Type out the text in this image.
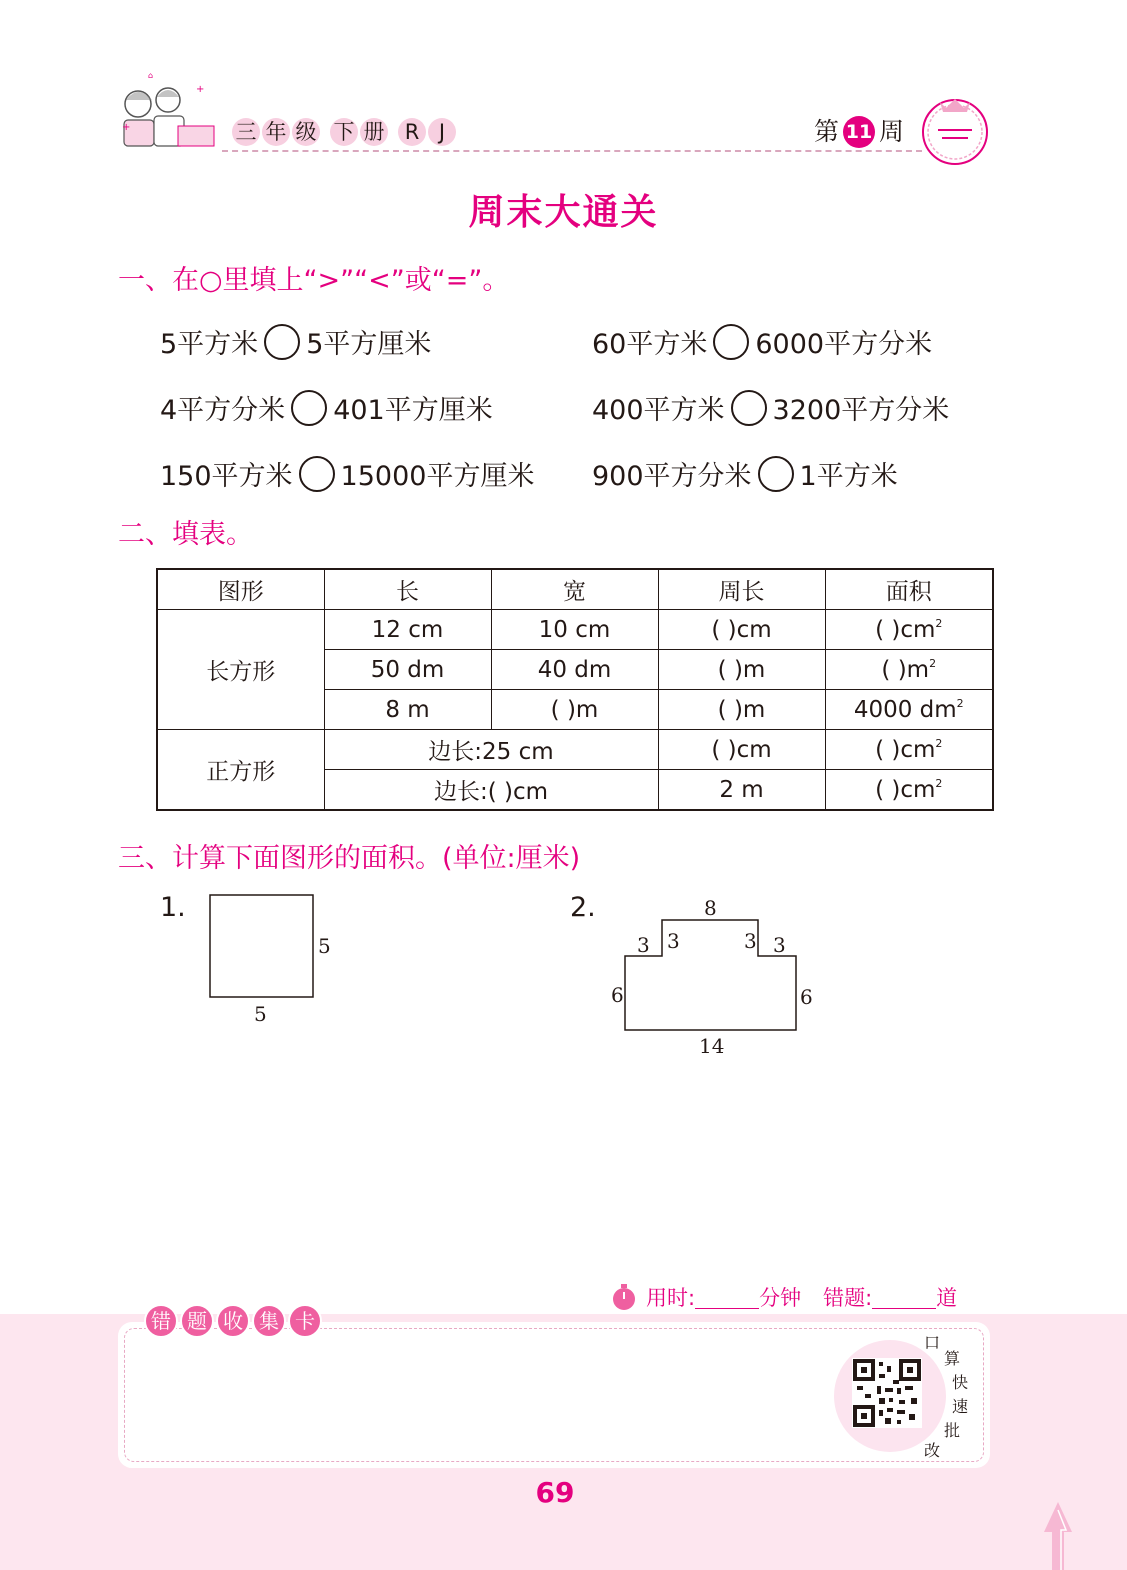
+
+
⌂
三 年 级 下 册 R J	第 11 周
周末大通关
一、在○里填上“>”“<”或“=”。
5平方米 5平方厘米	60平方米 6000平方分米
4平方分米 401平方厘米	400平方米 3200平方分米
150平方米 15000平方厘米 900平方分米 1平方米
二、填表。
图形	长	宽	周长	面积
长方形	12 cm	10 cm	( )cm	( )$cm^2$
	50 dm	40 dm	( )m	( )$m^2$
	8 m	( )m	( )m	4000 $dm^2$
正方形	边长:25 cm		( )cm	( )$cm^2$
	边长:( )cm		2 m	( )$cm^2$
三、计算下面图形的面积。(单位:厘米)
1.
5
5
2.	8
3 3	3 3
6	6
14
用时:	分钟 错题:	道
错 题 收 集 卡
口
算
快
速
批
改
69
